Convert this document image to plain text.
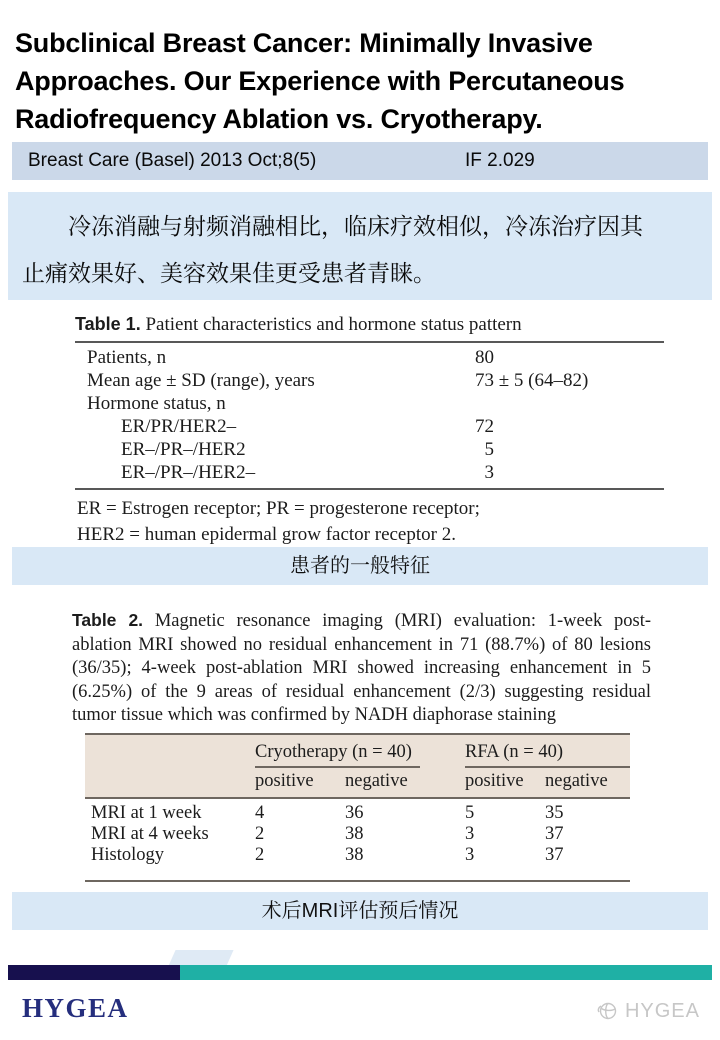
Subclinical Breast Cancer: Minimally Invasive Approaches. Our Experience with Percutaneous Radiofrequency Ablation vs. Cryotherapy.
Breast Care (Basel) 2013 Oct;8(5)	IF 2.029
冷冻消融与射频消融相比，临床疗效相似，冷冻治疗因其
止痛效果好、美容效果佳更受患者青睐。
Table 1. Patient characteristics and hormone status pattern
Patients, n	80
Mean age ± SD (range), years	73 ± 5 (64–82)
Hormone status, n
ER/PR/HER2–	72
ER–/PR–/HER2	5
ER–/PR–/HER2–	3
ER = Estrogen receptor; PR = progesterone receptor;
HER2 = human epidermal grow factor receptor 2.
患者的一般特征
Table 2. Magnetic resonance imaging (MRI) evaluation: 1-week post-ablation MRI showed no residual enhancement in 71 (88.7%) of 80 lesions (36/35); 4-week post-ablation MRI showed increasing enhancement in 5 (6.25%) of the 9 areas of residual enhancement (2/3) suggesting residual tumor tissue which was confirmed by NADH diaphorase staining
Cryotherapy (n = 40)	RFA (n = 40)
positive	negative	positive	negative
MRI at 1 week	4	36	5	35
MRI at 4 weeks	2	38	3	37
Histology	2	38	3	37
术后MRI评估预后情况
HYGEA	HYGEA
